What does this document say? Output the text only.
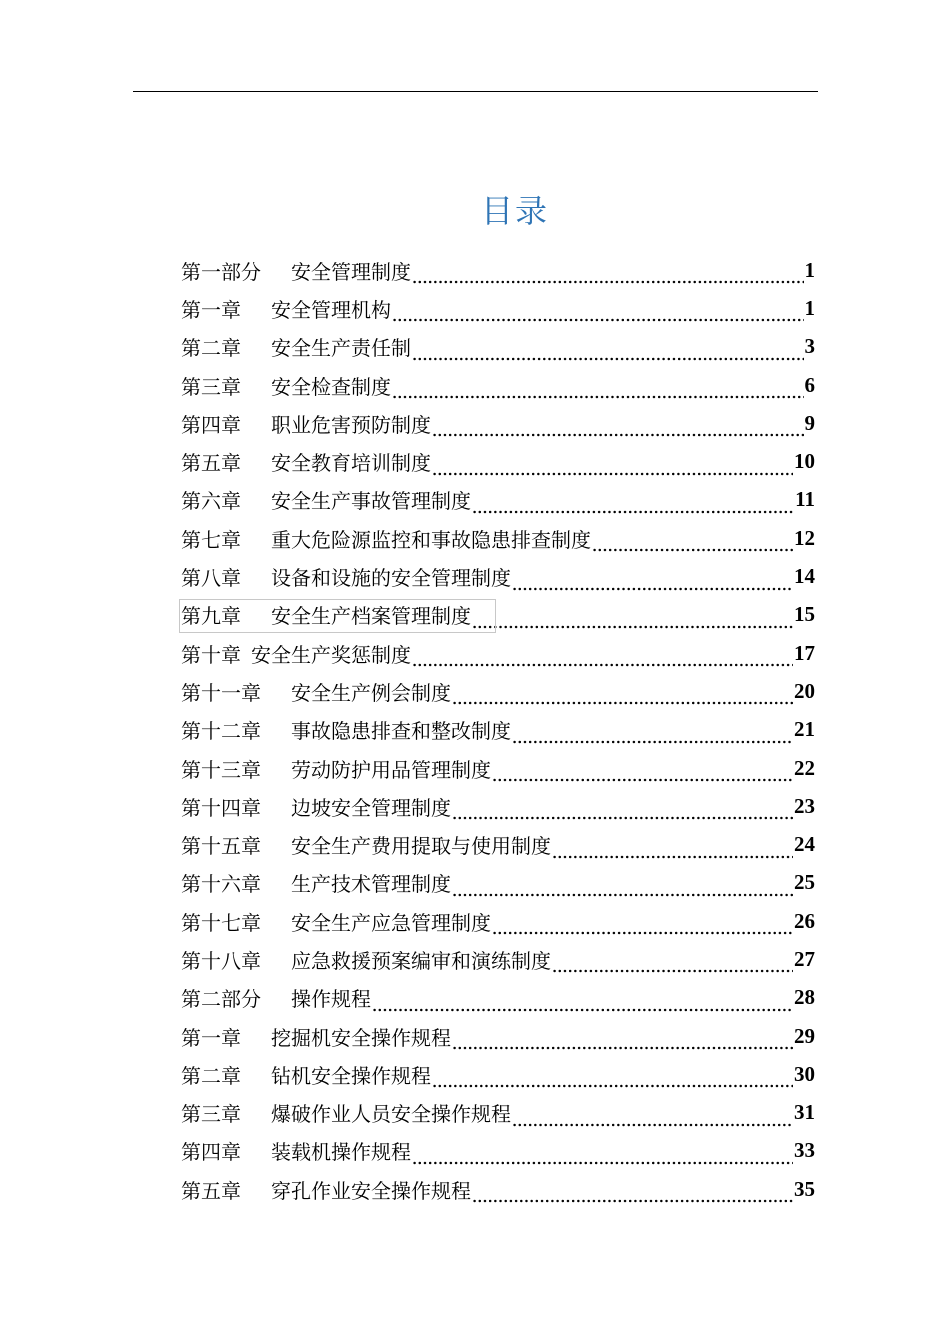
目录
第一部分　  安全管理制度	1
第一章　  安全管理机构	1
第二章　  安全生产责任制	3
第三章　  安全检查制度	6
第四章　  职业危害预防制度	9
第五章　  安全教育培训制度	10
第六章　  安全生产事故管理制度	11
第七章　  重大危险源监控和事故隐患排查制度	12
第八章　  设备和设施的安全管理制度	14
第九章　  安全生产档案管理制度	15
第十章  安全生产奖惩制度	17
第十一章　  安全生产例会制度	20
第十二章　  事故隐患排查和整改制度	21
第十三章　  劳动防护用品管理制度	22
第十四章　  边坡安全管理制度	23
第十五章　  安全生产费用提取与使用制度	24
第十六章　  生产技术管理制度	25
第十七章　  安全生产应急管理制度	26
第十八章　  应急救援预案编审和演练制度	27
第二部分　  操作规程	28
第一章　  挖掘机安全操作规程	29
第二章　  钻机安全操作规程	30
第三章　  爆破作业人员安全操作规程	31
第四章　  装载机操作规程	33
第五章　  穿孔作业安全操作规程	35
